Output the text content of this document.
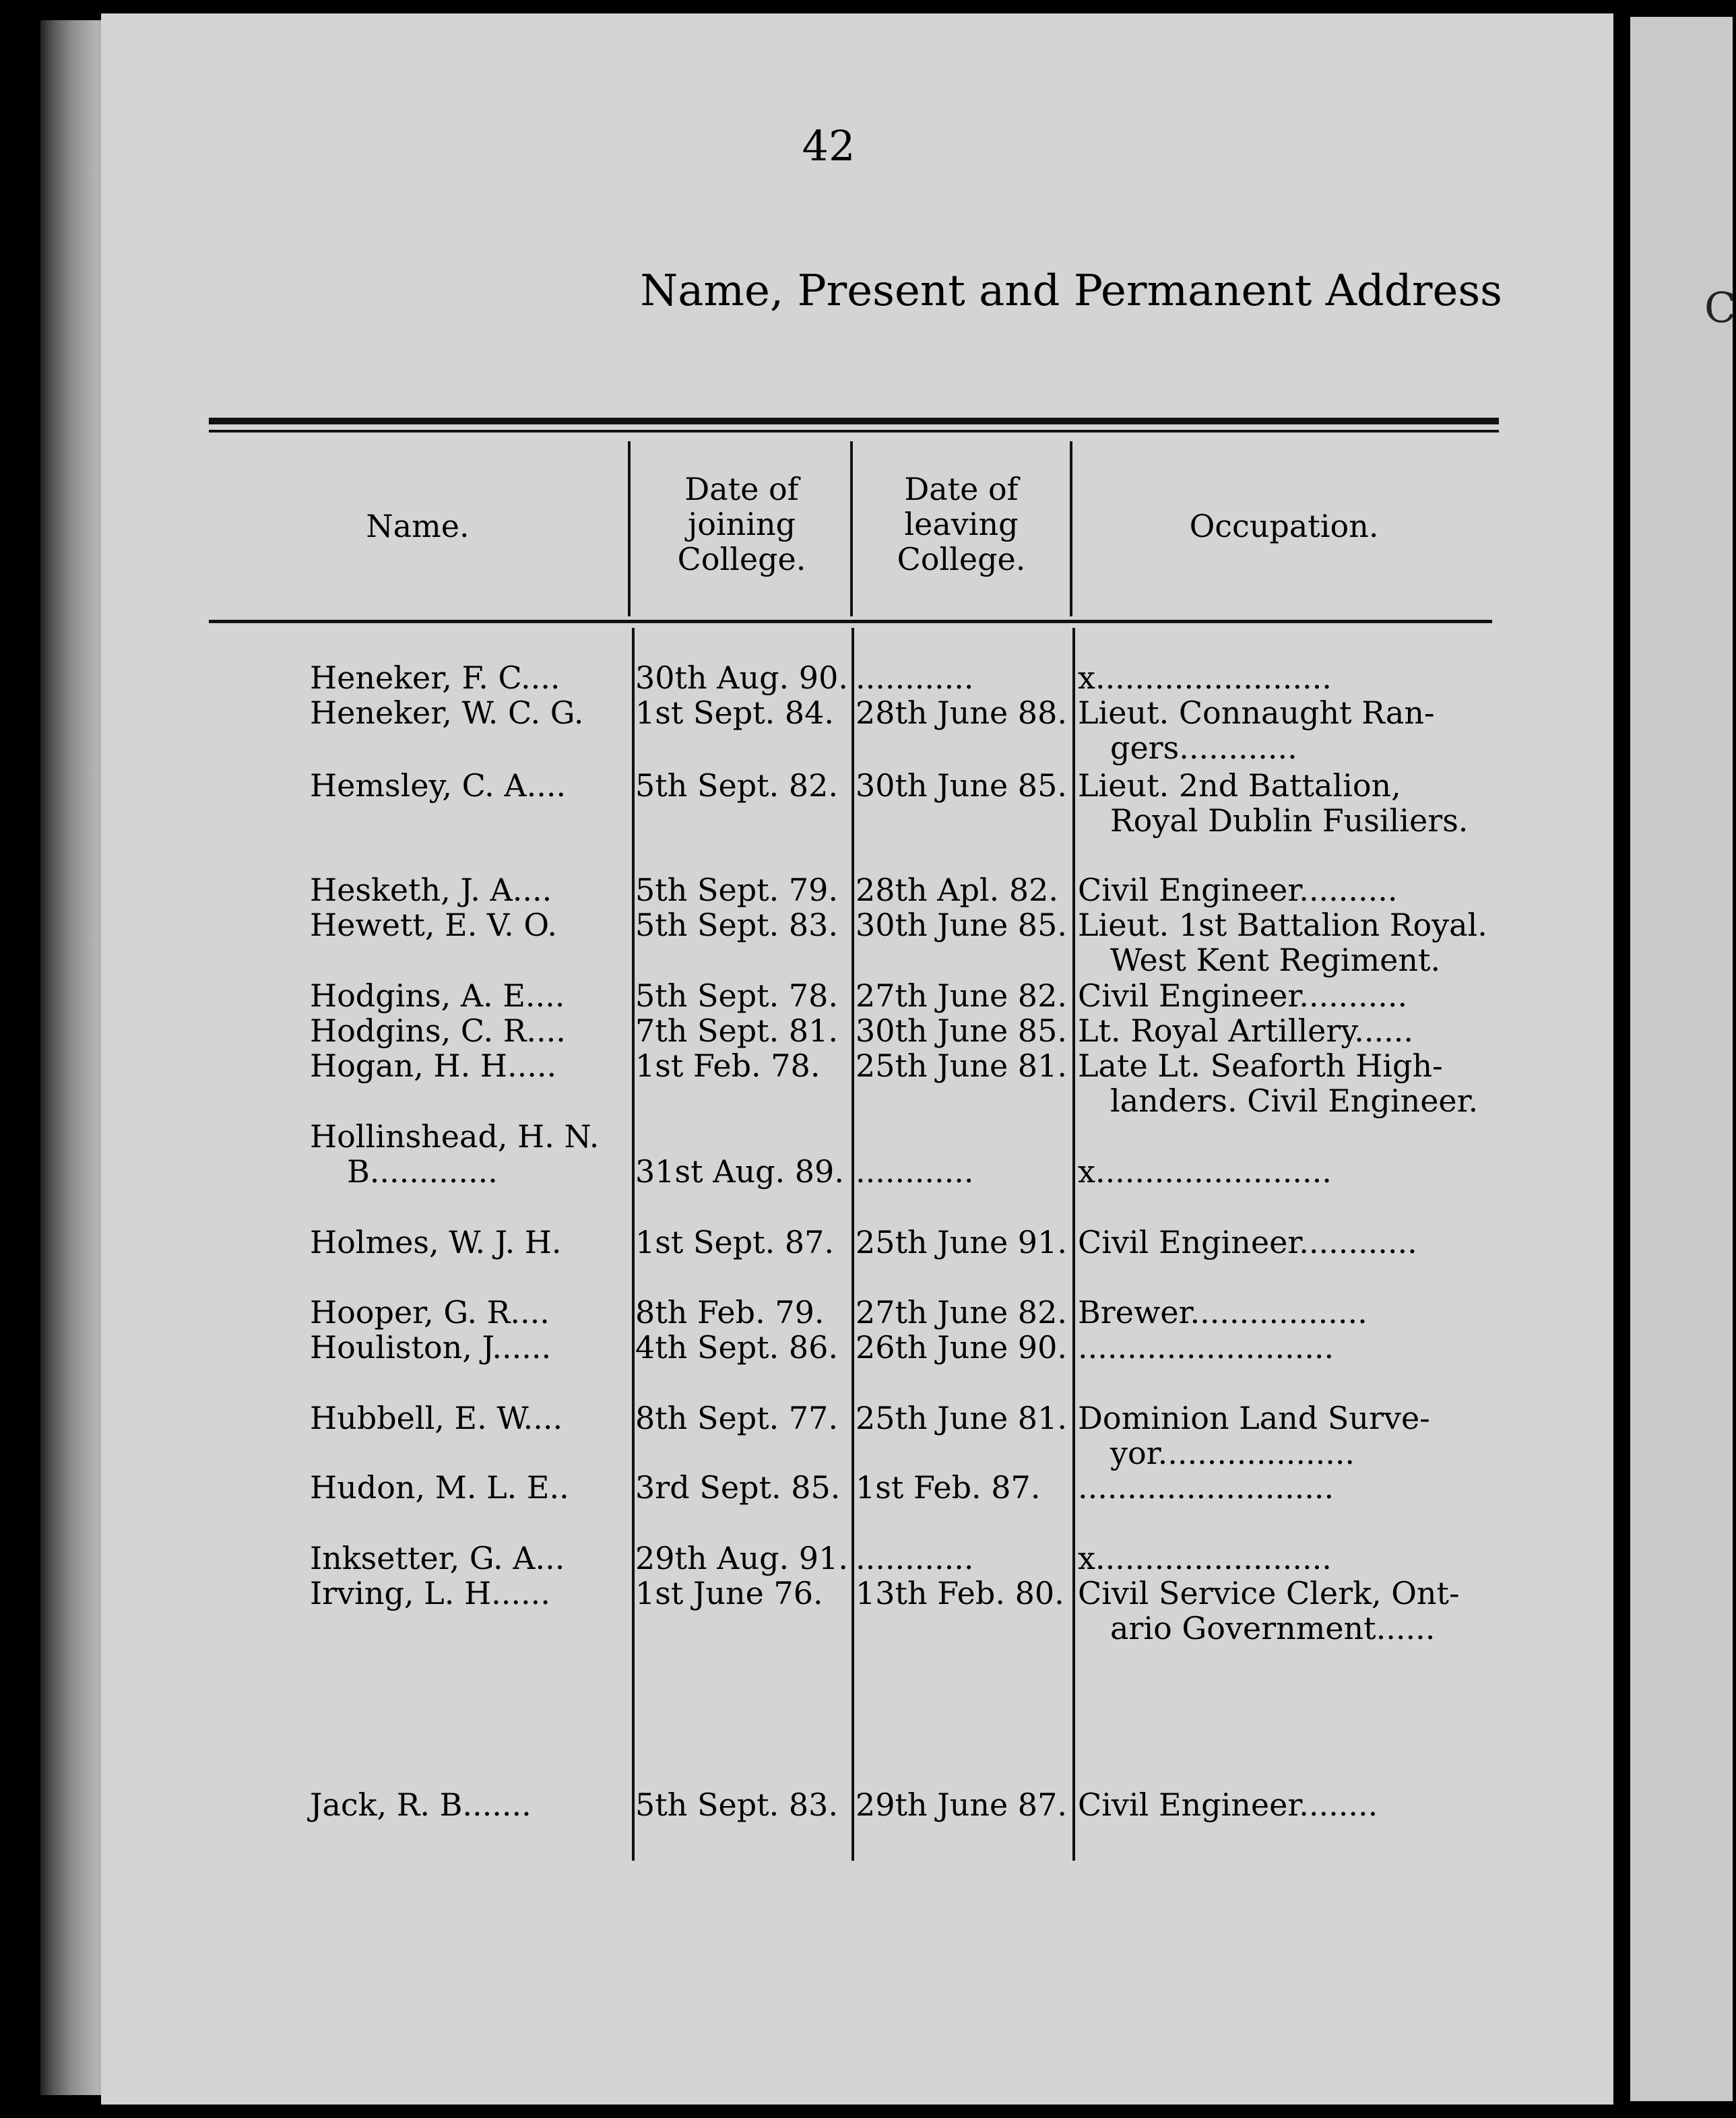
C
42
Name, Present and Permanent Address
Name.
Date of
joining
College.
Date of
leaving
College.
Occupation.
Heneker, F. C....	30th Aug. 90. ............	x........................
Heneker, W. C. G.	1st Sept. 84. 28th June 88. Lieut. Connaught Ran-
gers............
Hemsley, C. A....	5th Sept. 82. 30th June 85. Lieut. 2nd Battalion,
Royal Dublin Fusiliers.
Hesketh, J. A....	5th Sept. 79. 28th Apl. 82. Civil Engineer..........
Hewett, E. V. O.	5th Sept. 83. 30th June 85. Lieut. 1st Battalion Royal.
West Kent Regiment.
Hodgins, A. E....	5th Sept. 78. 27th June 82. Civil Engineer...........
Hodgins, C. R....	7th Sept. 81. 30th June 85. Lt. Royal Artillery......
Hogan, H. H.....	1st Feb. 78.	25th June 81. Late Lt. Seaforth High-
landers. Civil Engineer.
Hollinshead, H. N.
B.............	31st Aug. 89. ............	x........................
Holmes, W. J. H.	1st Sept. 87. 25th June 91. Civil Engineer............
Hooper, G. R....	8th Feb. 79.	27th June 82. Brewer..................
Houliston, J......	4th Sept. 86. 26th June 90. ..........................
Hubbell, E. W....	8th Sept. 77. 25th June 81. Dominion Land Surve-
yor....................
Hudon, M. L. E..	3rd Sept. 85. 1st Feb. 87.	..........................
Inksetter, G. A...	29th Aug. 91. ............	x........................
Irving, L. H......	1st June 76.	13th Feb. 80. Civil Service Clerk, Ont-
ario Government......
Jack, R. B.......	5th Sept. 83. 29th June 87. Civil Engineer........
